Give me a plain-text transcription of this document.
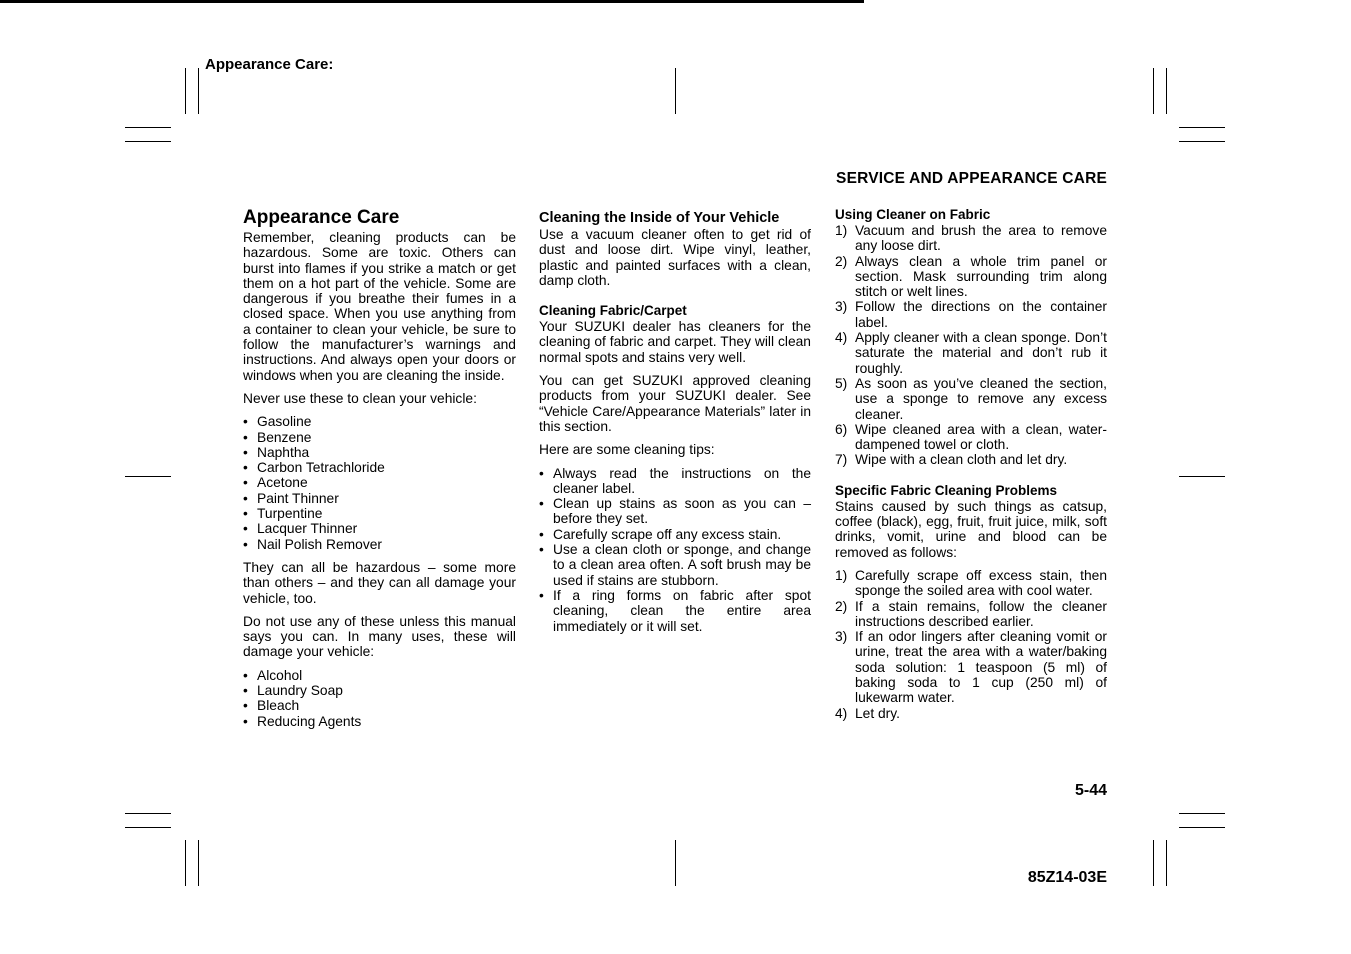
Appearance Care:
SERVICE AND APPEARANCE CARE
Appearance Care

Remember, cleaning products can be hazardous. Some are toxic. Others can burst into flames if you strike a match or get them on a hot part of the vehicle. Some are dangerous if you breathe their fumes in a closed space. When you use anything from a container to clean your vehicle, be sure to follow the manufacturer’s warnings and instructions. And always open your doors or windows when you are cleaning the inside.

Never use these to clean your vehicle:

• Gasoline
• Benzene
• Naphtha
• Carbon Tetrachloride
• Acetone
• Paint Thinner
• Turpentine
• Lacquer Thinner
• Nail Polish Remover

They can all be hazardous – some more than others – and they can all damage your vehicle, too.

Do not use any of these unless this manual says you can. In many uses, these will damage your vehicle:

• Alcohol
• Laundry Soap
• Bleach
• Reducing Agents
Cleaning the Inside of Your Vehicle

Use a vacuum cleaner often to get rid of dust and loose dirt. Wipe vinyl, leather, plastic and painted surfaces with a clean, damp cloth.

Cleaning Fabric/Carpet

Your SUZUKI dealer has cleaners for the cleaning of fabric and carpet. They will clean normal spots and stains very well.

You can get SUZUKI approved cleaning products from your SUZUKI dealer. See “Vehicle Care/Appearance Materials” later in this section.

Here are some cleaning tips:

• Always read the instructions on the cleaner label.
• Clean up stains as soon as you can – before they set.
• Carefully scrape off any excess stain.
• Use a clean cloth or sponge, and change to a clean area often. A soft brush may be used if stains are stubborn.
• If a ring forms on fabric after spot cleaning, clean the entire area immediately or it will set.
Using Cleaner on Fabric
1) Vacuum and brush the area to remove any loose dirt.
2) Always clean a whole trim panel or section. Mask surrounding trim along stitch or welt lines.
3) Follow the directions on the container label.
4) Apply cleaner with a clean sponge. Don’t saturate the material and don’t rub it roughly.
5) As soon as you’ve cleaned the section, use a sponge to remove any excess cleaner.
6) Wipe cleaned area with a clean, water-dampened towel or cloth.
7) Wipe with a clean cloth and let dry.
Specific Fabric Cleaning Problems

Stains caused by such things as catsup, coffee (black), egg, fruit, fruit juice, milk, soft drinks, vomit, urine and blood can be removed as follows:

1) Carefully scrape off excess stain, then sponge the soiled area with cool water.
2) If a stain remains, follow the cleaner instructions described earlier.
3) If an odor lingers after cleaning vomit or urine, treat the area with a water/baking soda solution: 1 teaspoon (5 ml) of baking soda to 1 cup (250 ml) of lukewarm water.
4) Let dry.
5-44
85Z14-03E
